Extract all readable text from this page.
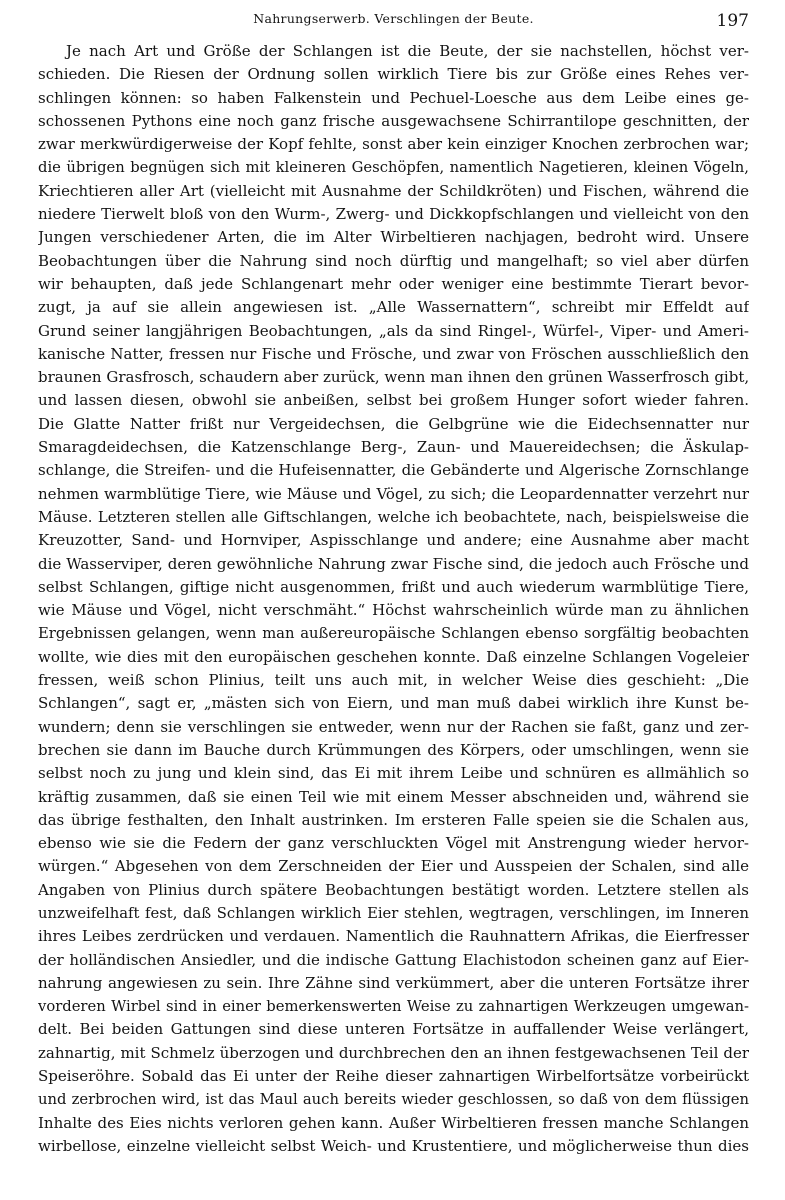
Nahrungserwerb. Verschlingen der Beute.	197
Je nach Art und Größe der Schlangen ist die Beute, der sie nachstellen, höchst ver-
schieden. Die Riesen der Ordnung sollen wirklich Tiere bis zur Größe eines Rehes ver-
schlingen können: so haben Falkenstein und Pechuel-Loesche aus dem Leibe eines ge-
schossenen Pythons eine noch ganz frische ausgewachsene Schirrantilope geschnitten, der
zwar merkwürdigerweise der Kopf fehlte, sonst aber kein einziger Knochen zerbrochen war;
die übrigen begnügen sich mit kleineren Geschöpfen, namentlich Nagetieren, kleinen Vögeln,
Kriechtieren aller Art (vielleicht mit Ausnahme der Schildkröten) und Fischen, während die
niedere Tierwelt bloß von den Wurm-, Zwerg- und Dickkopfschlangen und vielleicht von den
Jungen verschiedener Arten, die im Alter Wirbeltieren nachjagen, bedroht wird. Unsere
Beobachtungen über die Nahrung sind noch dürftig und mangelhaft; so viel aber dürfen
wir behaupten, daß jede Schlangenart mehr oder weniger eine bestimmte Tierart bevor-
zugt, ja auf sie allein angewiesen ist. „Alle Wassernattern“, schreibt mir Effeldt auf
Grund seiner langjährigen Beobachtungen, „als da sind Ringel-, Würfel-, Viper- und Ameri-
kanische Natter, fressen nur Fische und Frösche, und zwar von Fröschen ausschließlich den
braunen Grasfrosch, schaudern aber zurück, wenn man ihnen den grünen Wasserfrosch gibt,
und lassen diesen, obwohl sie anbeißen, selbst bei großem Hunger sofort wieder fahren.
Die Glatte Natter frißt nur Vergeidechsen, die Gelbgrüne wie die Eidechsennatter nur
Smaragdeidechsen, die Katzenschlange Berg-, Zaun- und Mauereidechsen; die Äskulap-
schlange, die Streifen- und die Hufeisennatter, die Gebänderte und Algerische Zornschlange
nehmen warmblütige Tiere, wie Mäuse und Vögel, zu sich; die Leopardennatter verzehrt nur
Mäuse. Letzteren stellen alle Giftschlangen, welche ich beobachtete, nach, beispielsweise die
Kreuzotter, Sand- und Hornviper, Aspisschlange und andere; eine Ausnahme aber macht
die Wasserviper, deren gewöhnliche Nahrung zwar Fische sind, die jedoch auch Frösche und
selbst Schlangen, giftige nicht ausgenommen, frißt und auch wiederum warmblütige Tiere,
wie Mäuse und Vögel, nicht verschmäht.“ Höchst wahrscheinlich würde man zu ähnlichen
Ergebnissen gelangen, wenn man außereuropäische Schlangen ebenso sorgfältig beobachten
wollte, wie dies mit den europäischen geschehen konnte. Daß einzelne Schlangen Vogeleier
fressen, weiß schon Plinius, teilt uns auch mit, in welcher Weise dies geschieht: „Die
Schlangen“, sagt er, „mästen sich von Eiern, und man muß dabei wirklich ihre Kunst be-
wundern; denn sie verschlingen sie entweder, wenn nur der Rachen sie faßt, ganz und zer-
brechen sie dann im Bauche durch Krümmungen des Körpers, oder umschlingen, wenn sie
selbst noch zu jung und klein sind, das Ei mit ihrem Leibe und schnüren es allmählich so
kräftig zusammen, daß sie einen Teil wie mit einem Messer abschneiden und, während sie
das übrige festhalten, den Inhalt austrinken. Im ersteren Falle speien sie die Schalen aus,
ebenso wie sie die Federn der ganz verschluckten Vögel mit Anstrengung wieder hervor-
würgen.“ Abgesehen von dem Zerschneiden der Eier und Ausspeien der Schalen, sind alle
Angaben von Plinius durch spätere Beobachtungen bestätigt worden. Letztere stellen als
unzweifelhaft fest, daß Schlangen wirklich Eier stehlen, wegtragen, verschlingen, im Inneren
ihres Leibes zerdrücken und verdauen. Namentlich die Rauhnattern Afrikas, die Eierfresser
der holländischen Ansiedler, und die indische Gattung Elachistodon scheinen ganz auf Eier-
nahrung angewiesen zu sein. Ihre Zähne sind verkümmert, aber die unteren Fortsätze ihrer
vorderen Wirbel sind in einer bemerkenswerten Weise zu zahnartigen Werkzeugen umgewan-
delt. Bei beiden Gattungen sind diese unteren Fortsätze in auffallender Weise verlängert,
zahnartig, mit Schmelz überzogen und durchbrechen den an ihnen festgewachsenen Teil der
Speiseröhre. Sobald das Ei unter der Reihe dieser zahnartigen Wirbelfortsätze vorbeirückt
und zerbrochen wird, ist das Maul auch bereits wieder geschlossen, so daß von dem flüssigen
Inhalte des Eies nichts verloren gehen kann. Außer Wirbeltieren fressen manche Schlangen
wirbellose, einzelne vielleicht selbst Weich- und Krustentiere, und möglicherweise thun dies
